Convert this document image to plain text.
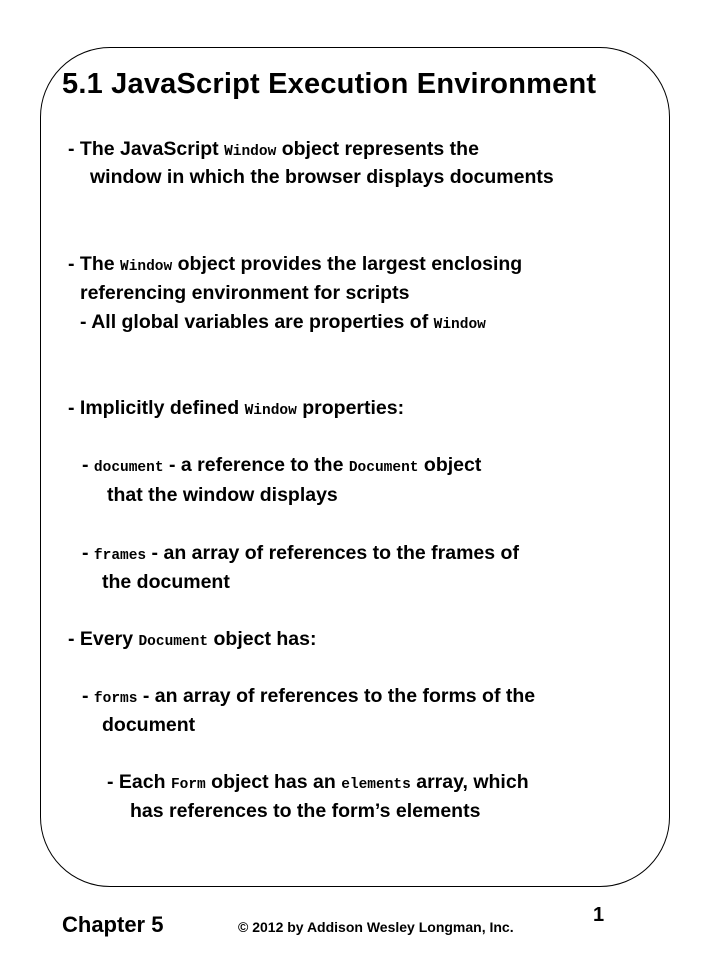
5.1 JavaScript Execution Environment
- The JavaScript Window object represents the
window in which the browser displays documents
- The Window object provides the largest enclosing
referencing environment for scripts
- All global variables are properties of Window
- Implicitly defined Window properties:
- document - a reference to the Document object
that the window displays
- frames - an array of references to the frames of
the document
- Every Document object has:
- forms - an array of references to the forms of the
document
- Each Form object has an elements array, which
has references to the form’s elements
Chapter 5	© 2012 by Addison Wesley Longman, Inc.
1
